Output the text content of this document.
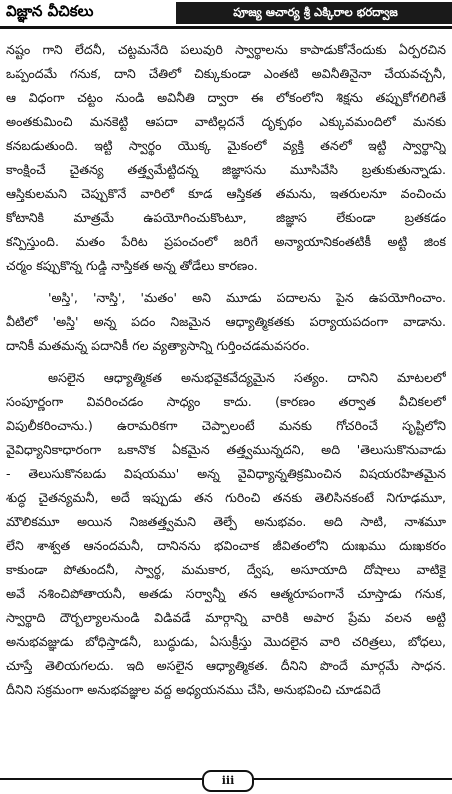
విజ్ఞాన వీచికలు	పూజ్య ఆచార్య శ్రీ ఎక్కిరాల భరద్వాజ
నష్టం గాని లేదనీ, చట్టమనేది పలువురి స్వార్థాలను కాపాడుకోనేందుకు ఏర్పరచిన
ఒప్పందమే గనుక, దాని చేతిలో చిక్కుకుండా ఎంతటి అవినీతినైనా చేయవచ్చనీ,
ఆ విధంగా చట్టం నుండి అవినీతి ద్వారా ఈ లోకంలోని శిక్షను తప్పుకోగలిగితే
అంతకుమించి మనకెట్టి ఆపదా వాటిల్లదనే దృక్పథం ఎక్కువమందిలో మనకు
కనబడుతుంది. ఇట్టి స్వార్థం యొక్క మైకంలో వ్యక్తి తనలో ఇట్టి స్వార్థాన్ని
కాంక్షించే చైతన్య తత్త్వమేట్టిదన్న జిజ్ఞాసను మూసివేసి బ్రతుకుతున్నాడు.
ఆస్తికులమని చెప్పుకొనే వారిలో కూడ ఆస్తికత తమను, ఇతరులనూ వంచించు
కోటానికి మాత్రమే ఉపయోగించుకొంటూ, జిజ్ఞాస లేకుండా బ్రతకడం
కన్పిస్తుంది. మతం పేరిట ప్రపంచంలో జరిగే అన్యాయానికంతటికీ అట్టి జింక
చర్మం కప్పుకొన్న గుడ్డి నాస్తికత అన్న తోడేలు కారణం.
'అస్తి', 'నాస్తి', 'మతం' అని మూడు పదాలను పైన ఉపయోగించాం.
వీటిలో 'అస్తి' అన్న పదం నిజమైన ఆధ్యాత్మికతకు పర్యాయపదంగా వాడాను.
దానికీ మతమన్న పదానికీ గల వ్యత్యాసాన్ని గుర్తించడమవసరం.
అసలైన ఆధ్యాత్మికత అనుభవైకవేద్యమైన సత్యం. దానిని మాటలలో
సంపూర్ణంగా వివరించడం సాధ్యం కాదు. (కారణం తర్వాత వీచికలలో
విపులీకరించాను.) ఉరామరికగా చెప్పాలంటే మనకు గోచరించే సృష్టిలోని
వైవిధ్యానికాధారంగా ఒకానొక ఏకమైన తత్త్వమున్నదని, అది 'తెలుసుకొనువాడు
- తెలుసుకొనబడు విషయము' అన్న వైవిధ్యాన్నతిక్రమించిన విషయరహితమైన
శుద్ధ చైతన్యమనీ, అదే ఇప్పుడు తన గురించి తనకు తెలిసినకంటే నిగూఢమూ,
మౌలికమూ అయిన నిజతత్త్వమని తెల్పే అనుభవం. అది సాటి, నాశమూ
లేని శాశ్వత ఆనందమనీ, దానినను భవించాక జీవితంలోని దుఃఖము దుఃఖకరం
కాకుండా పోతుందనీ, స్వార్థ, మమకార, ద్వేష, అసూయాది దోషాలు వాటికై
అవే నశించిపోతాయనీ, అతడు సర్వాన్నీ తన ఆత్మరూపంగానే చూస్తాడు గనుక,
స్వార్థాది దౌర్బల్యాలనుండి విడివడే మార్గాన్ని వారికి అపార ప్రేమ వలన అట్టి
అనుభవజ్ఞుడు బోధిస్తాడనీ, బుద్ధుడు, ఏసుక్రీస్తు మొదలైన వారి చరిత్రలు, బోధలు,
చూస్తే తెలియగలదు. ఇది అసలైన ఆధ్యాత్మికత. దీనిని పొందే మార్గమే సాధన.
దీనిని సక్రమంగా అనుభవజ్ఞుల వద్ద అధ్యయనము చేసి, అనుభవించి చూడవిదే
iii
